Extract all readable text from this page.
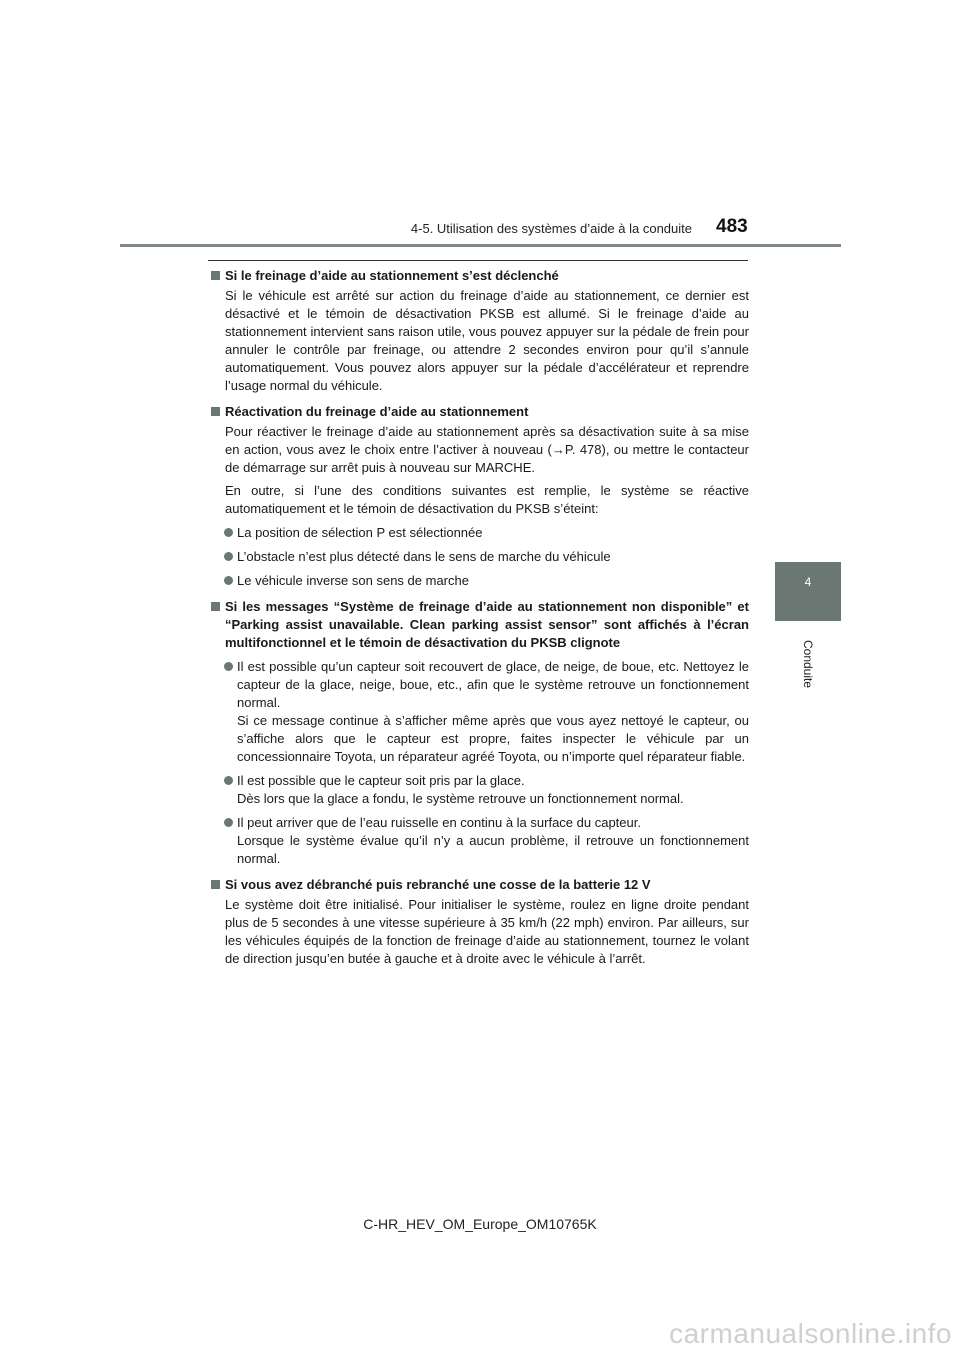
4-5. Utilisation des systèmes d’aide à la conduite 483
4
Conduite
Si le freinage d’aide au stationnement s’est déclenché
Si le véhicule est arrêté sur action du freinage d’aide au stationnement, ce dernier est désactivé et le témoin de désactivation PKSB est allumé. Si le freinage d’aide au stationnement intervient sans raison utile, vous pouvez appuyer sur la pédale de frein pour annuler le contrôle par freinage, ou attendre 2 secondes environ pour qu’il s’annule automatiquement. Vous pouvez alors appuyer sur la pédale d’accélérateur et reprendre l’usage normal du véhicule.
Réactivation du freinage d’aide au stationnement
Pour réactiver le freinage d’aide au stationnement après sa désactivation suite à sa mise en action, vous avez le choix entre l’activer à nouveau (→P. 478), ou mettre le contacteur de démarrage sur arrêt puis à nouveau sur MARCHE.
En outre, si l’une des conditions suivantes est remplie, le système se réactive automatiquement et le témoin de désactivation du PKSB s’éteint:
La position de sélection P est sélectionnée
L’obstacle n’est plus détecté dans le sens de marche du véhicule
Le véhicule inverse son sens de marche
Si les messages “Système de freinage d’aide au stationnement non disponible” et “Parking assist unavailable. Clean parking assist sensor” sont affichés à l’écran multifonctionnel et le témoin de désactivation du PKSB clignote
Il est possible qu’un capteur soit recouvert de glace, de neige, de boue, etc. Nettoyez le capteur de la glace, neige, boue, etc., afin que le système retrouve un fonctionnement normal.
Si ce message continue à s’afficher même après que vous ayez nettoyé le capteur, ou s’affiche alors que le capteur est propre, faites inspecter le véhicule par un concessionnaire Toyota, un réparateur agréé Toyota, ou n’importe quel réparateur fiable.
Il est possible que le capteur soit pris par la glace.
Dès lors que la glace a fondu, le système retrouve un fonctionnement normal.
Il peut arriver que de l’eau ruisselle en continu à la surface du capteur.
Lorsque le système évalue qu’il n’y a aucun problème, il retrouve un fonctionnement normal.
Si vous avez débranché puis rebranché une cosse de la batterie 12 V
Le système doit être initialisé. Pour initialiser le système, roulez en ligne droite pendant plus de 5 secondes à une vitesse supérieure à 35 km/h (22 mph) environ. Par ailleurs, sur les véhicules équipés de la fonction de freinage d’aide au stationnement, tournez le volant de direction jusqu’en butée à gauche et à droite avec le véhicule à l’arrêt.
C-HR_HEV_OM_Europe_OM10765K
carmanualsonline.info
